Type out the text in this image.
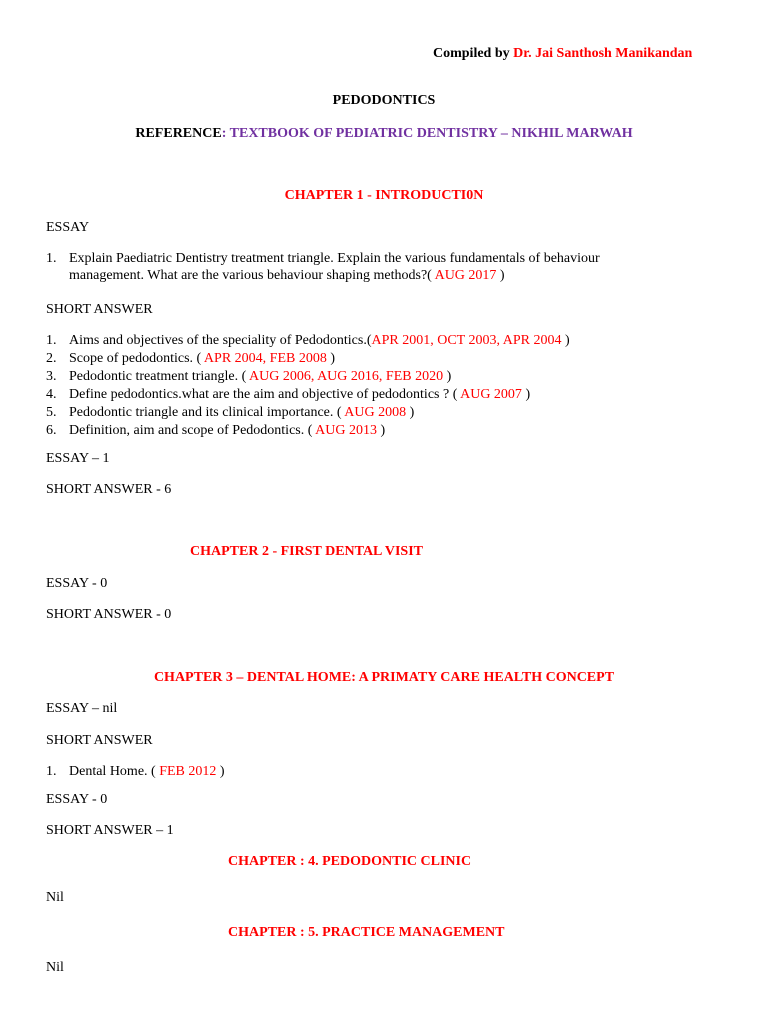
Compiled by Dr. Jai Santhosh Manikandan
PEDODONTICS
REFERENCE: TEXTBOOK OF PEDIATRIC DENTISTRY – NIKHIL MARWAH
CHAPTER 1 - INTRODUCTI0N
ESSAY
1. Explain Paediatric Dentistry treatment triangle. Explain the various fundamentals of behaviour
management. What are the various behaviour shaping methods?( AUG 2017 )
SHORT ANSWER
1. Aims and objectives of the speciality of Pedodontics.(APR 2001, OCT 2003, APR 2004 )
2. Scope of pedodontics. ( APR 2004, FEB 2008 )
3. Pedodontic treatment triangle. ( AUG 2006, AUG 2016, FEB 2020 )
4. Define pedodontics.what are the aim and objective of pedodontics ? ( AUG 2007 )
5. Pedodontic triangle and its clinical importance. ( AUG 2008 )
6. Definition, aim and scope of Pedodontics. ( AUG 2013 )
ESSAY – 1
SHORT ANSWER - 6
CHAPTER 2 - FIRST DENTAL VISIT
ESSAY - 0
SHORT ANSWER - 0
CHAPTER 3 – DENTAL HOME: A PRIMATY CARE HEALTH CONCEPT
ESSAY – nil
SHORT ANSWER
1. Dental Home. ( FEB 2012 )
ESSAY - 0
SHORT ANSWER – 1
CHAPTER : 4. PEDODONTIC CLINIC
Nil
CHAPTER : 5. PRACTICE MANAGEMENT
Nil
